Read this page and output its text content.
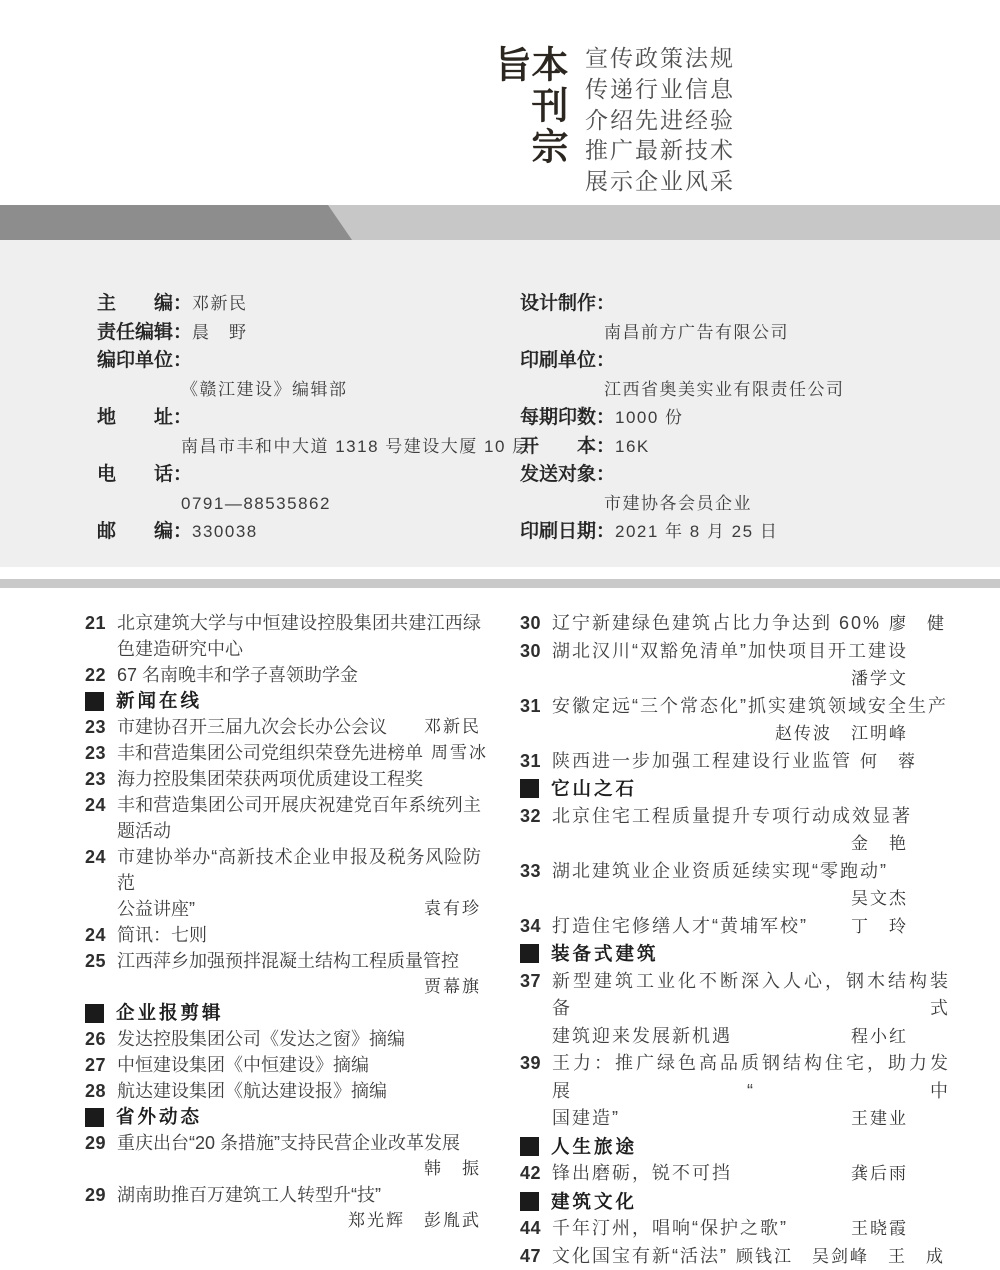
本刊宗旨	宣传政策法规
传递行业信息
介绍先进经验
推广最新技术
展示企业风采
主　　编：邓新民
责任编辑：晨　野
编印单位：
《赣江建设》编辑部
地　　址：
南昌市丰和中大道 1318 号建设大厦 10 层
电　　话：
0791—88535862
邮　　编：330038
设计制作：
南昌前方广告有限公司
印刷单位：
江西省奥美实业有限责任公司
每期印数：1000 份
开　　本：16K
发送对象：
市建协各会员企业
印刷日期：2021 年 8 月 25 日
21 北京建筑大学与中恒建设控股集团共建江西绿
色建造研究中心
22 67 名南晚丰和学子喜领助学金
新闻在线
23 市建协召开三届九次会长办公会议	邓新民
23 丰和营造集团公司党组织荣登先进榜单 周雪冰
23 海力控股集团荣获两项优质建设工程奖
24 丰和营造集团公司开展庆祝建党百年系统列主
题活动
24 市建协举办“高新技术企业申报及税务风险防范
公益讲座”	袁有珍
24 简讯：七则
25 江西萍乡加强预拌混凝土结构工程质量管控
贾幕旗
企业报剪辑
26 发达控股集团公司《发达之窗》摘编
27 中恒建设集团《中恒建设》摘编
28 航达建设集团《航达建设报》摘编
省外动态
29 重庆出台“20 条措施”支持民营企业改革发展
韩　振
29 湖南助推百万建筑工人转型升“技”
郑光辉　彭胤武
30 辽宁新建绿色建筑占比力争达到 60% 廖　健
30 湖北汉川“双豁免清单”加快项目开工建设
潘学文
31 安徽定远“三个常态化”抓实建筑领域安全生产
赵传波　江明峰
31 陕西进一步加强工程建设行业监管 何　蓉
它山之石
32 北京住宅工程质量提升专项行动成效显著
金　艳
33 湖北建筑业企业资质延续实现“零跑动”
吴文杰
34 打造住宅修缮人才“黄埔军校”	丁　玲
装备式建筑
37 新型建筑工业化不断深入人心，钢木结构装备式
建筑迎来发展新机遇	程小红
39 王力：推广绿色高品质钢结构住宅，助力发展“中
国建造”	王建业
人生旅途
42 锋出磨砺，锐不可挡	龚后雨
建筑文化
44 千年汀州，唱响“保护之歌”	王晓霞
47 文化国宝有新“活法” 顾钱江　吴剑峰　王　成
